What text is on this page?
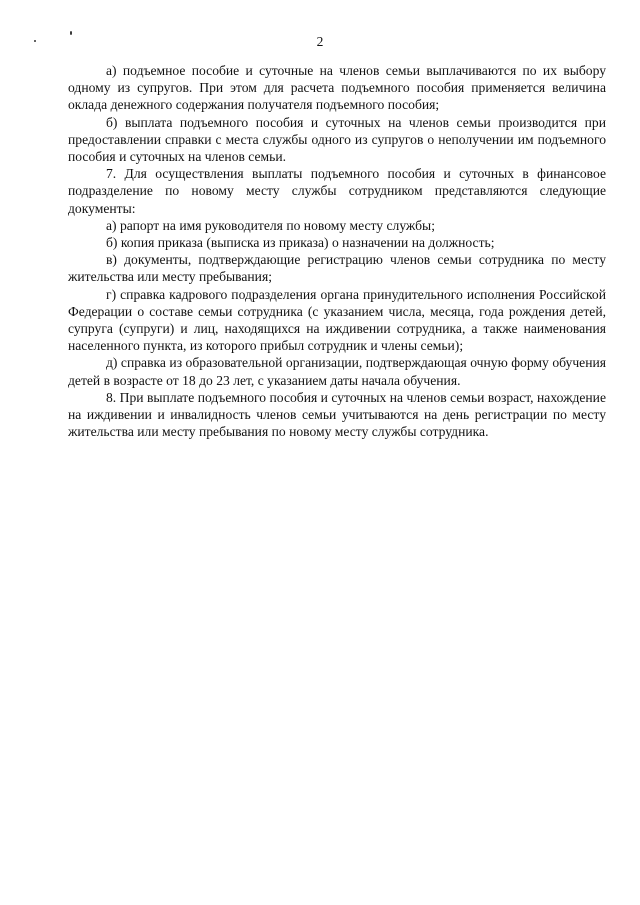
2

а) подъемное пособие и суточные на членов семьи выплачиваются по их выбору одному из супругов. При этом для расчета подъемного пособия применяется величина оклада денежного содержания получателя подъемного пособия;

б) выплата подъемного пособия и суточных на членов семьи производится при предоставлении справки с места службы одного из супругов о неполучении им подъемного пособия и суточных на членов семьи.

7. Для осуществления выплаты подъемного пособия и суточных в финансовое подразделение по новому месту службы сотрудником представляются следующие документы:

а) рапорт на имя руководителя по новому месту службы;

б) копия приказа (выписка из приказа) о назначении на должность;

в) документы, подтверждающие регистрацию членов семьи сотрудника по месту жительства или месту пребывания;

г) справка кадрового подразделения органа принудительного исполнения Российской Федерации о составе семьи сотрудника (с указанием числа, месяца, года рождения детей, супруга (супруги) и лиц, находящихся на иждивении сотрудника, а также наименования населенного пункта, из которого прибыл сотрудник и члены семьи);

д) справка из образовательной организации, подтверждающая очную форму обучения детей в возрасте от 18 до 23 лет, с указанием даты начала обучения.

8. При выплате подъемного пособия и суточных на членов семьи возраст, нахождение на иждивении и инвалидность членов семьи учитываются на день регистрации по месту жительства или месту пребывания по новому месту службы сотрудника.
